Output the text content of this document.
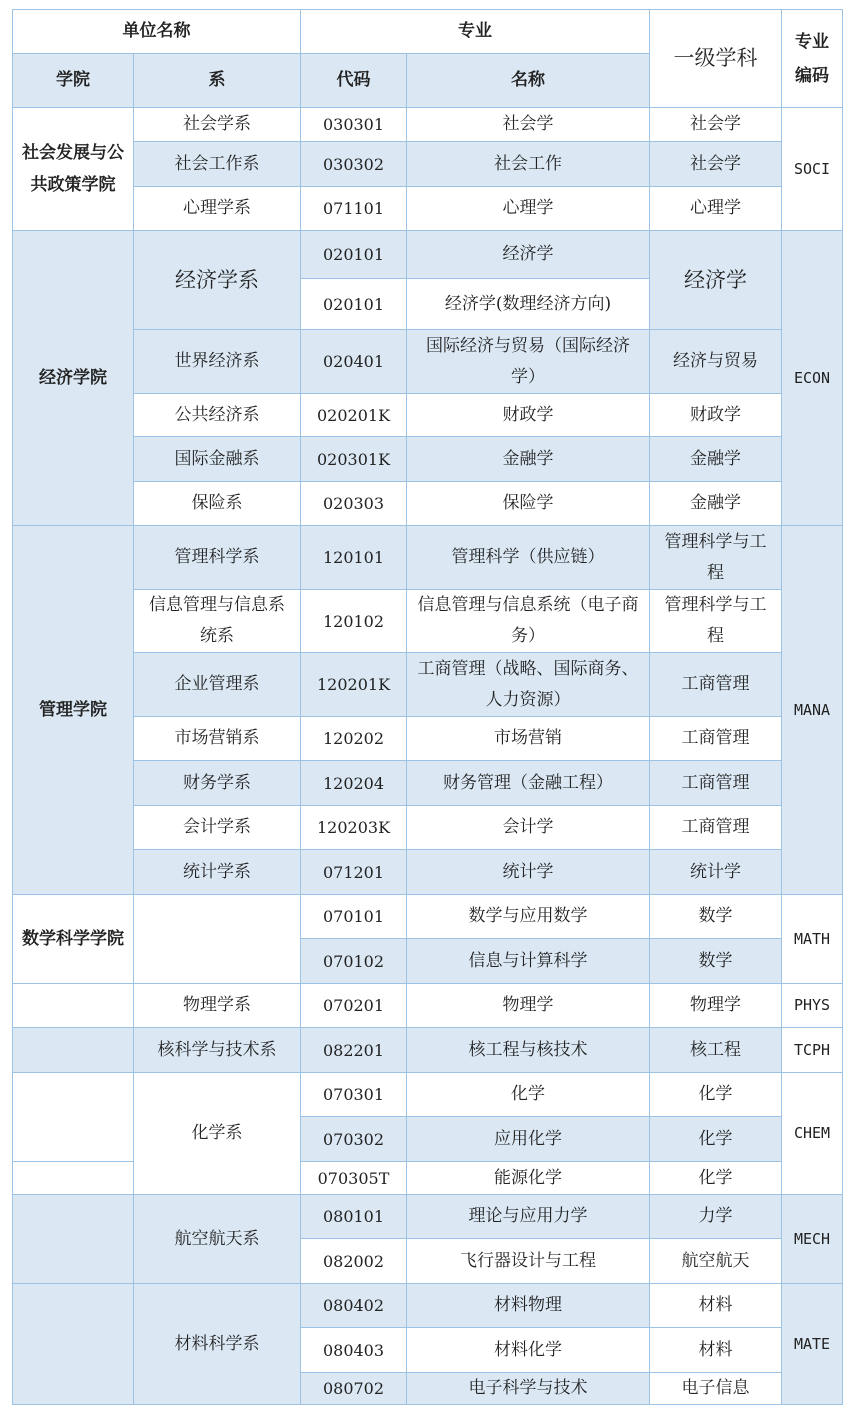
单位名称		专业		一级学科	专业编码
学院	系	代码	名称		
社会发展与公共政策学院	社会学系	030301	社会学	社会学	SOCI
	社会工作系	030302	社会工作	社会学	
	心理学系	071101	心理学	心理学	
经济学院	经济学系	020101	经济学	经济学	ECON
		020101	经济学(数理经济方向)		
	世界经济系	020401	国际经济与贸易（国际经济学）	经济与贸易	
	公共经济系	020201K	财政学	财政学	
	国际金融系	020301K	金融学	金融学	
	保险系	020303	保险学	金融学	
管理学院	管理科学系	120101	管理科学（供应链）	管理科学与工程	MANA
	信息管理与信息系统系	120102	信息管理与信息系统（电子商务）	管理科学与工程	
	企业管理系	120201K	工商管理（战略、国际商务、人力资源）	工商管理	
	市场营销系	120202	市场营销	工商管理	
	财务学系	120204	财务管理（金融工程）	工商管理	
	会计学系	120203K	会计学	工商管理	
	统计学系	071201	统计学	统计学	
数学科学学院		070101	数学与应用数学	数学	MATH
		070102	信息与计算科学	数学	
	物理学系	070201	物理学	物理学	PHYS
	核科学与技术系	082201	核工程与核技术	核工程	TCPH
	化学系	070301	化学	化学	CHEM
		070302	应用化学	化学	
		070305T	能源化学	化学	
	航空航天系	080101	理论与应用力学	力学	MECH
		082002	飞行器设计与工程	航空航天	
	材料科学系	080402	材料物理	材料	MATE
		080403	材料化学	材料	
		080702	电子科学与技术	电子信息	
